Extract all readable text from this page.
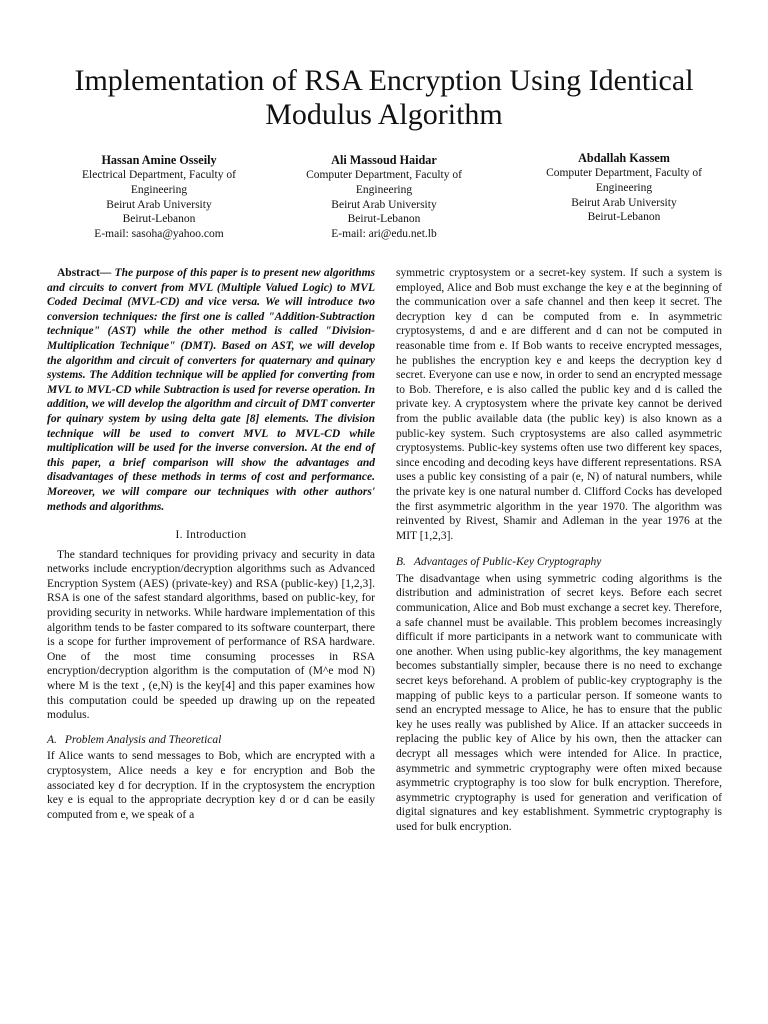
Implementation of RSA Encryption Using Identical Modulus Algorithm
Hassan Amine Osseily
Electrical Department, Faculty of
Engineering
Beirut Arab University
Beirut-Lebanon
E-mail: sasoha@yahoo.com
Ali Massoud Haidar
Computer Department, Faculty of
Engineering
Beirut Arab University
Beirut-Lebanon
E-mail: ari@edu.net.lb
Abdallah Kassem
Computer Department, Faculty of
Engineering
Beirut Arab University
Beirut-Lebanon

Abstract— The purpose of this paper is to present new algorithms and circuits to convert from MVL (Multiple Valued Logic) to MVL Coded Decimal (MVL-CD) and vice versa. We will introduce two conversion techniques: the first one is called "Addition-Subtraction technique" (AST) while the other method is called "Division-Multiplication Technique" (DMT). Based on AST, we will develop the algorithm and circuit of converters for quaternary and quinary systems. The Addition technique will be applied for converting from MVL to MVL-CD while Subtraction is used for reverse operation. In addition, we will develop the algorithm and circuit of DMT converter for quinary system by using delta gate [8] elements. The division technique will be used to convert MVL to MVL-CD while multiplication will be used for the inverse conversion. At the end of this paper, a brief comparison will show the advantages and disadvantages of these methods in terms of cost and performance. Moreover, we will compare our techniques with other authors' methods and algorithms.

I. Introduction

The standard techniques for providing privacy and security in data networks include encryption/decryption algorithms such as Advanced Encryption System (AES) (private-key) and RSA (public-key) [1,2,3]. RSA is one of the safest standard algorithms, based on public-key, for providing security in networks. While hardware implementation of this algorithm tends to be faster compared to its software counterpart, there is a scope for further improvement of performance of RSA hardware. One of the most time consuming processes in RSA encryption/decryption algorithm is the computation of (M^e mod N) where M is the text , (e,N) is the key[4] and this paper examines how this computation could be speeded up drawing up on the repeated modulus.

A. Problem Analysis and Theoretical

If Alice wants to send messages to Bob, which are encrypted with a cryptosystem, Alice needs a key e for encryption and Bob the associated key d for decryption. If in the cryptosystem the encryption key e is equal to the appropriate decryption key d or d can be easily computed from e, we speak of a

symmetric cryptosystem or a secret-key system. If such a system is employed, Alice and Bob must exchange the key e at the beginning of the communication over a safe channel and then keep it secret. The decryption key d can be computed from e. In asymmetric cryptosystems, d and e are different and d can not be computed in reasonable time from e. If Bob wants to receive encrypted messages, he publishes the encryption key e and keeps the decryption key d secret. Everyone can use e now, in order to send an encrypted message to Bob. Therefore, e is also called the public key and d is called the private key. A cryptosystem where the private key cannot be derived from the public available data (the public key) is also known as a public-key system. Such cryptosystems are also called asymmetric cryptosystems. Public-key systems often use two different key spaces, since encoding and decoding keys have different representations. RSA uses a public key consisting of a pair (e, N) of natural numbers, while the private key is one natural number d. Clifford Cocks has developed the first asymmetric algorithm in the year 1970. The algorithm was reinvented by Rivest, Shamir and Adleman in the year 1976 at the MIT [1,2,3].

B. Advantages of Public-Key Cryptography

The disadvantage when using symmetric coding algorithms is the distribution and administration of secret keys. Before each secret communication, Alice and Bob must exchange a secret key. Therefore, a safe channel must be available. This problem becomes increasingly difficult if more participants in a network want to communicate with one another. When using public-key algorithms, the key management becomes substantially simpler, because there is no need to exchange secret keys beforehand. A problem of public-key cryptography is the mapping of public keys to a particular person. If someone wants to send an encrypted message to Alice, he has to ensure that the public key he uses really was published by Alice. If an attacker succeeds in replacing the public key of Alice by his own, then the attacker can decrypt all messages which were intended for Alice. In practice, asymmetric and symmetric cryptography were often mixed because asymmetric cryptography is too slow for bulk encryption. Therefore, asymmetric cryptography is used for generation and verification of digital signatures and key establishment. Symmetric cryptography is used for bulk encryption.
